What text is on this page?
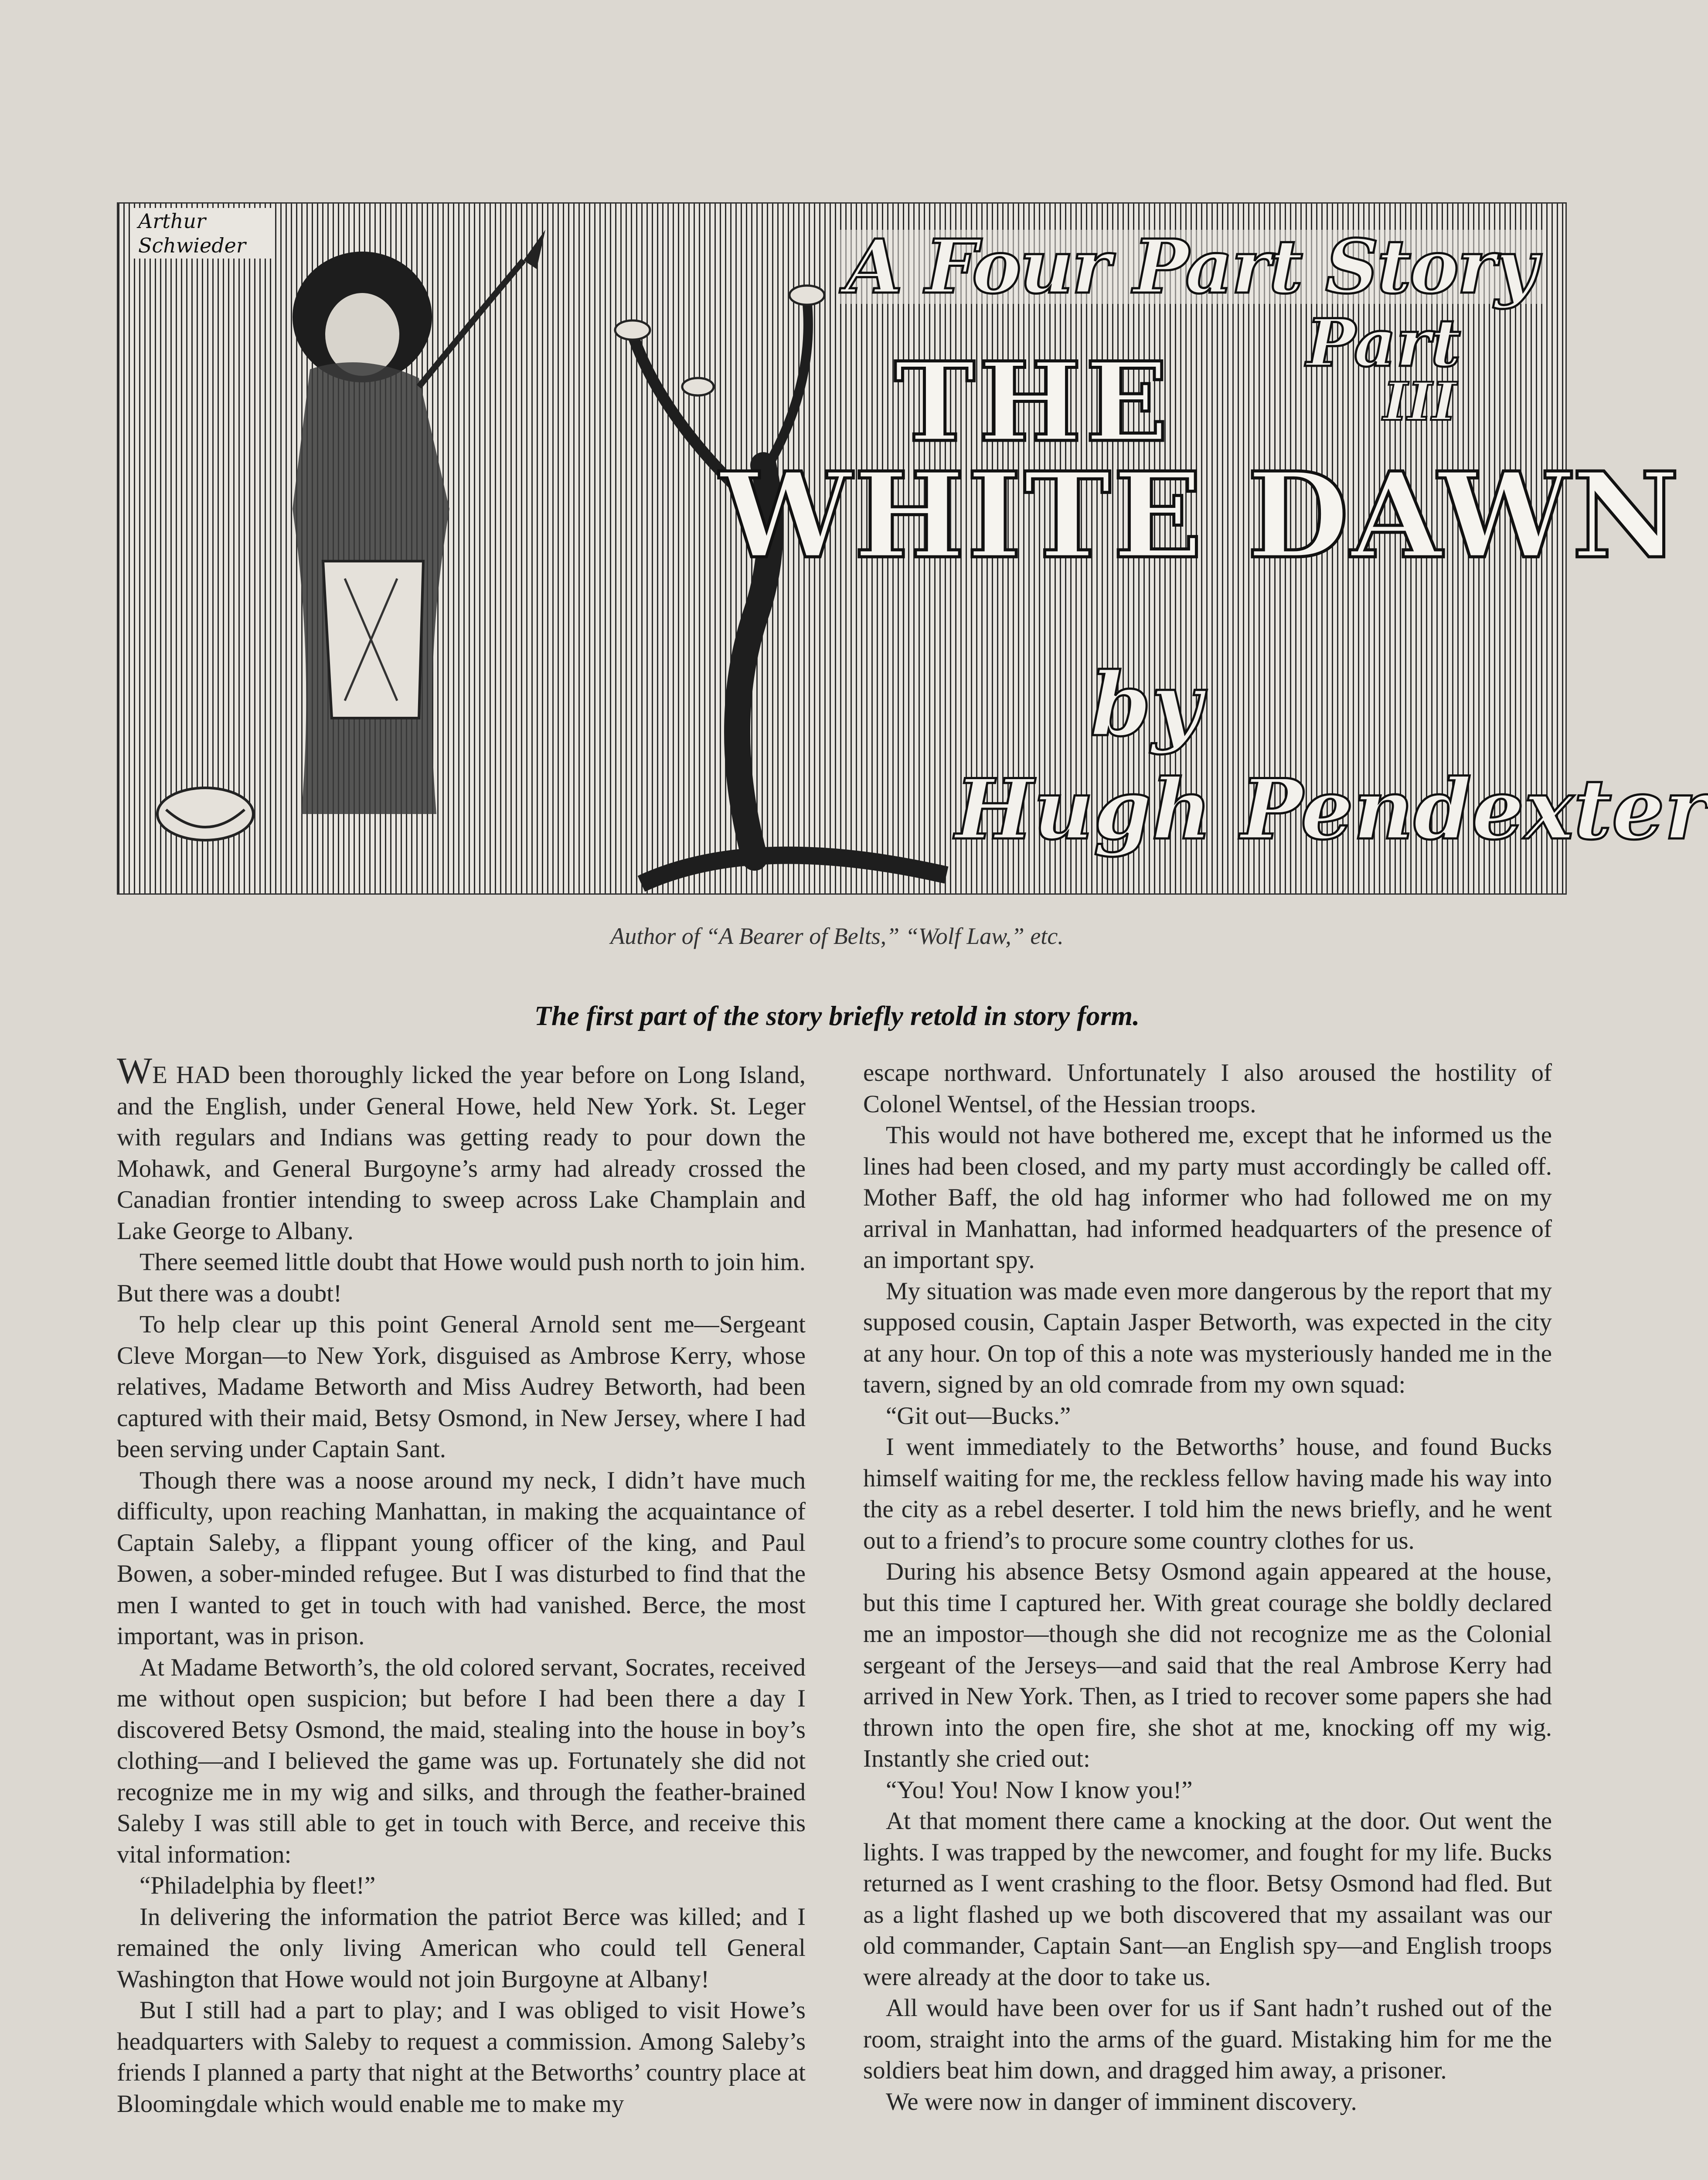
Arthur Schwieder	A Four Part Story
Part
III
THE
WHITE DAWN
by
Hugh Pendexter
Author of “A Bearer of Belts,” “Wolf Law,” etc.
The first part of the story briefly retold in story form.

WE HAD been thoroughly licked the year before on Long Island, and the English, under General Howe, held New York. St. Leger with regulars and Indians was getting ready to pour down the Mohawk, and General Burgoyne’s army had already crossed the Canadian frontier intending to sweep across Lake Champlain and Lake George to Albany.

There seemed little doubt that Howe would push north to join him. But there was a doubt!

To help clear up this point General Arnold sent me—Sergeant Cleve Morgan—to New York, disguised as Ambrose Kerry, whose relatives, Madame Betworth and Miss Audrey Betworth, had been captured with their maid, Betsy Osmond, in New Jersey, where I had been serving under Captain Sant.

Though there was a noose around my neck, I didn’t have much difficulty, upon reaching Manhattan, in making the acquaintance of Captain Saleby, a flippant young officer of the king, and Paul Bowen, a sober-minded refugee. But I was disturbed to find that the men I wanted to get in touch with had vanished. Berce, the most important, was in prison.

At Madame Betworth’s, the old colored servant, Socrates, received me without open suspicion; but before I had been there a day I discovered Betsy Osmond, the maid, stealing into the house in boy’s clothing—and I believed the game was up. Fortunately she did not recognize me in my wig and silks, and through the feather-brained Saleby I was still able to get in touch with Berce, and receive this vital information:

“Philadelphia by fleet!”

In delivering the information the patriot Berce was killed; and I remained the only living American who could tell General Washington that Howe would not join Burgoyne at Albany!

But I still had a part to play; and I was obliged to visit Howe’s headquarters with Saleby to request a commission. Among Saleby’s friends I planned a party that night at the Betworths’ country place at Bloomingdale which would enable me to make my

escape northward. Unfortunately I also aroused the hostility of Colonel Wentsel, of the Hessian troops.

This would not have bothered me, except that he informed us the lines had been closed, and my party must accordingly be called off. Mother Baff, the old hag informer who had followed me on my arrival in Manhattan, had informed headquarters of the presence of an important spy.

My situation was made even more dangerous by the report that my supposed cousin, Captain Jasper Betworth, was expected in the city at any hour. On top of this a note was mysteriously handed me in the tavern, signed by an old comrade from my own squad:

“Git out—Bucks.”

I went immediately to the Betworths’ house, and found Bucks himself waiting for me, the reckless fellow having made his way into the city as a rebel deserter. I told him the news briefly, and he went out to a friend’s to procure some country clothes for us.

During his absence Betsy Osmond again appeared at the house, but this time I captured her. With great courage she boldly declared me an impostor—though she did not recognize me as the Colonial sergeant of the Jerseys—and said that the real Ambrose Kerry had arrived in New York. Then, as I tried to recover some papers she had thrown into the open fire, she shot at me, knocking off my wig. Instantly she cried out:

“You! You! Now I know you!”

At that moment there came a knocking at the door. Out went the lights. I was trapped by the newcomer, and fought for my life. Bucks returned as I went crashing to the floor. Betsy Osmond had fled. But as a light flashed up we both discovered that my assailant was our old commander, Captain Sant—an English spy—and English troops were already at the door to take us.

All would have been over for us if Sant hadn’t rushed out of the room, straight into the arms of the guard. Mistaking him for me the soldiers beat him down, and dragged him away, a prisoner.

We were now in danger of imminent discovery.
